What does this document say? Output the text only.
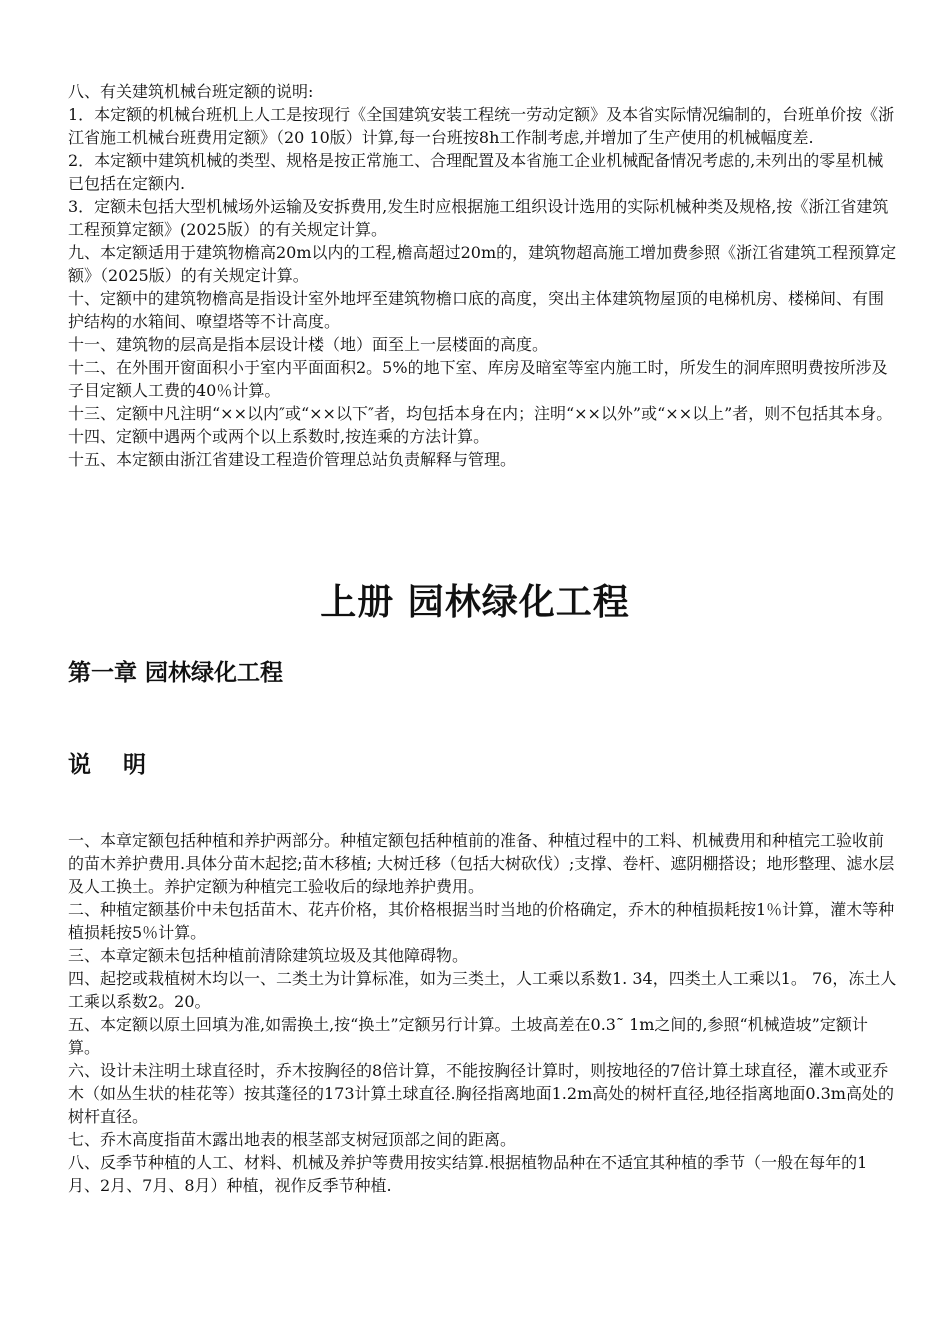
八、有关建筑机械台班定额的说明:

1．本定额的机械台班机上人工是按现行《全国建筑安装工程统一劳动定额》及本省实际情况编制的，台班单价按《浙江省施工机械台班费用定额》（20 10版）计算,每一台班按8h工作制考虑,并增加了生产使用的机械幅度差.

2．本定额中建筑机械的类型、规格是按正常施工、合理配置及本省施工企业机械配备情况考虑的,未列出的零星机械已包括在定额内.

3．定额未包括大型机械场外运输及安拆费用,发生时应根据施工组织设计选用的实际机械种类及规格,按《浙江省建筑工程预算定额》(2025版）的有关规定计算。

九、本定额适用于建筑物檐高20m以内的工程,檐高超过20m的，建筑物超高施工增加费参照《浙江省建筑工程预算定额》（2025版）的有关规定计算。

十、定额中的建筑物檐高是指设计室外地坪至建筑物檐口底的高度，突出主体建筑物屋顶的电梯机房、楼梯间、有围护结构的水箱间、嘹望塔等不计高度。

十一、建筑物的层高是指本层设计楼（地）面至上一层楼面的高度。

十二、在外围开窗面积小于室内平面面积2。5%的地下室、库房及暗室等室内施工时，所发生的洞库照明费按所涉及子目定额人工费的40％计算。

十三、定额中凡注明“××以内″或“××以下″者，均包括本身在内；注明“××以外”或“××以上”者，则不包括其本身。

十四、定额中遇两个或两个以上系数时,按连乘的方法计算。

十五、本定额由浙江省建设工程造价管理总站负责解释与管理。

上册 园林绿化工程
第一章 园林绿化工程
说 明

一、本章定额包括种植和养护两部分。种植定额包括种植前的准备、种植过程中的工料、机械费用和种植完工验收前的苗木养护费用.具体分苗木起挖;苗木移植; 大树迁移（包括大树砍伐）;支撑、卷杆、遮阴棚搭设；地形整理、滤水层及人工换土。养护定额为种植完工验收后的绿地养护费用。

二、种植定额基价中未包括苗木、花卉价格，其价格根据当时当地的价格确定，乔木的种植损耗按1％计算，灌木等种植损耗按5％计算。

三、本章定额未包括种植前清除建筑垃圾及其他障碍物。

四、起挖或栽植树木均以一、二类土为计算标准，如为三类土，人工乘以系数1. 34，四类土人工乘以1。 76，冻土人工乘以系数2。20。

五、本定额以原土回填为准,如需换土,按“换土”定额另行计算。土坡高差在0.3˜ 1m之间的,参照“机械造坡”定额计算。

六、设计未注明土球直径时，乔木按胸径的8倍计算，不能按胸径计算时，则按地径的7倍计算土球直径，灌木或亚乔木（如丛生状的桂花等）按其蓬径的173计算土球直径.胸径指离地面1.2m高处的树杆直径,地径指离地面0.3m高处的树杆直径。

七、乔木高度指苗木露出地表的根茎部支树冠顶部之间的距离。

八、反季节种植的人工、材料、机械及养护等费用按实结算.根据植物品种在不适宜其种植的季节（一般在每年的1月、2月、7月、8月）种植，视作反季节种植.
